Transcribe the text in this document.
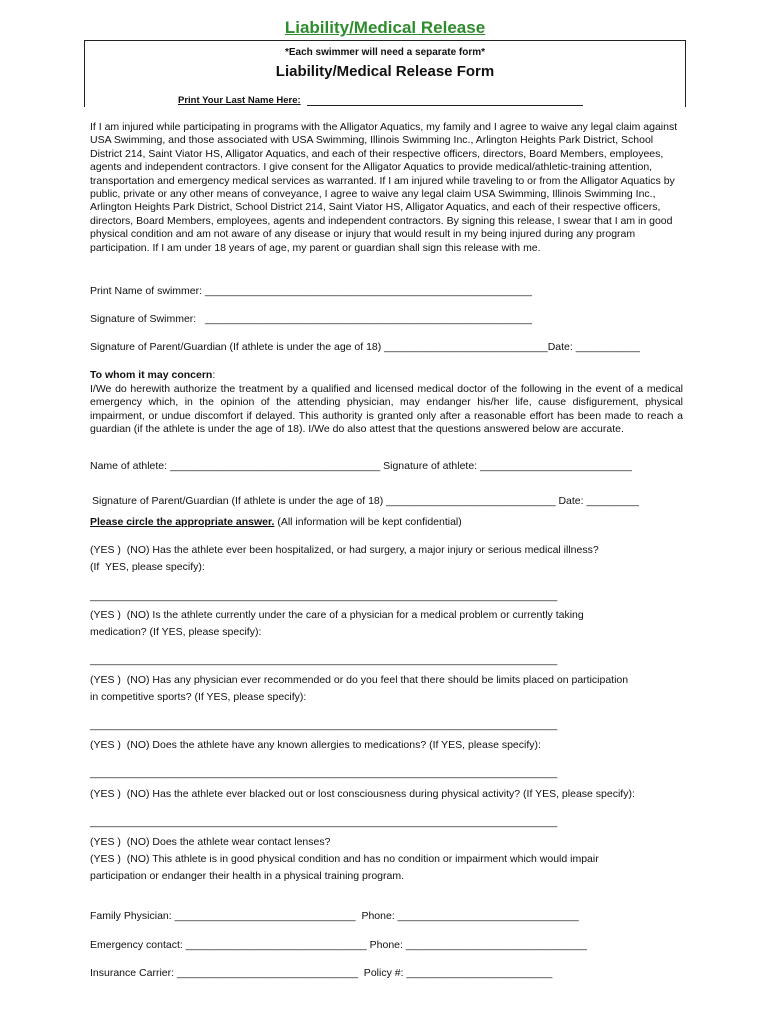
Liability/Medical Release
*Each swimmer will need a separate form*
Liability/Medical Release Form
Print Your Last Name Here:

If I am injured while participating in programs with the Alligator Aquatics, my family and I agree to waive any legal claim against USA Swimming, and those associated with USA Swimming, Illinois Swimming Inc., Arlington Heights Park District, School District 214, Saint Viator HS, Alligator Aquatics, and each of their respective officers, directors, Board Members, employees, agents and independent contractors. I give consent for the Alligator Aquatics to provide medical/athletic-training attention, transportation and emergency medical services as warranted. If I am injured while traveling to or from the Alligator Aquatics by public, private or any other means of conveyance, I agree to waive any legal claim USA Swimming, Illinois Swimming Inc., Arlington Heights Park District, School District 214, Saint Viator HS, Alligator Aquatics, and each of their respective officers, directors, Board Members, employees, agents and independent contractors. By signing this release, I swear that I am in good physical condition and am not aware of any disease or injury that would result in my being injured during any program participation. If I am under 18 years of age, my parent or guardian shall sign this release with me.

Print Name of swimmer: ________________________________________________________
Signature of Swimmer:   ________________________________________________________
Signature of Parent/Guardian (If athlete is under the age of 18) ____________________________Date: ___________
To whom it may concern:

I/We do herewith authorize the treatment by a qualified and licensed medical doctor of the following in the event of a medical emergency which, in the opinion of the attending physician, may endanger his/her life, cause disfigurement, physical impairment, or undue discomfort if delayed. This authority is granted only after a reasonable effort has been made to reach a guardian (if the athlete is under the age of 18). I/We do also attest that the questions answered below are accurate.

Name of athlete: ____________________________________ Signature of athlete: __________________________
Signature of Parent/Guardian (If athlete is under the age of 18) _____________________________ Date: _________
Please circle the appropriate answer. (All information will be kept confidential)
(YES )  (NO) Has the athlete ever been hospitalized, or had surgery, a major injury or serious medical illness?
(If  YES, please specify):
________________________________________________________________________________
(YES )  (NO) Is the athlete currently under the care of a physician for a medical problem or currently taking
medication? (If YES, please specify):
________________________________________________________________________________
(YES )  (NO) Has any physician ever recommended or do you feel that there should be limits placed on participation
in competitive sports? (If YES, please specify):
________________________________________________________________________________
(YES )  (NO) Does the athlete have any known allergies to medications? (If YES, please specify):
________________________________________________________________________________
(YES )  (NO) Has the athlete ever blacked out or lost consciousness during physical activity? (If YES, please specify):
________________________________________________________________________________
(YES )  (NO) Does the athlete wear contact lenses?
(YES )  (NO) This athlete is in good physical condition and has no condition or impairment which would impair
participation or endanger their health in a physical training program.
Family Physician: _______________________________  Phone: _______________________________
Emergency contact: _______________________________ Phone: _______________________________
Insurance Carrier: _______________________________  Policy #: _________________________
